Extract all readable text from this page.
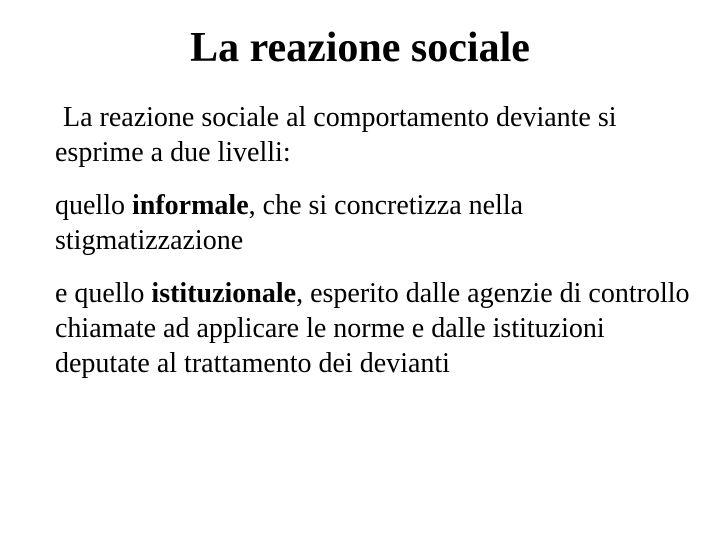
La reazione sociale

La reazione sociale al comportamento deviante si esprime a due livelli:

quello informale, che si concretizza nella stigmatizzazione

e quello istituzionale, esperito dalle agenzie di controllo chiamate ad applicare le norme e dalle istituzioni deputate al trattamento dei devianti
